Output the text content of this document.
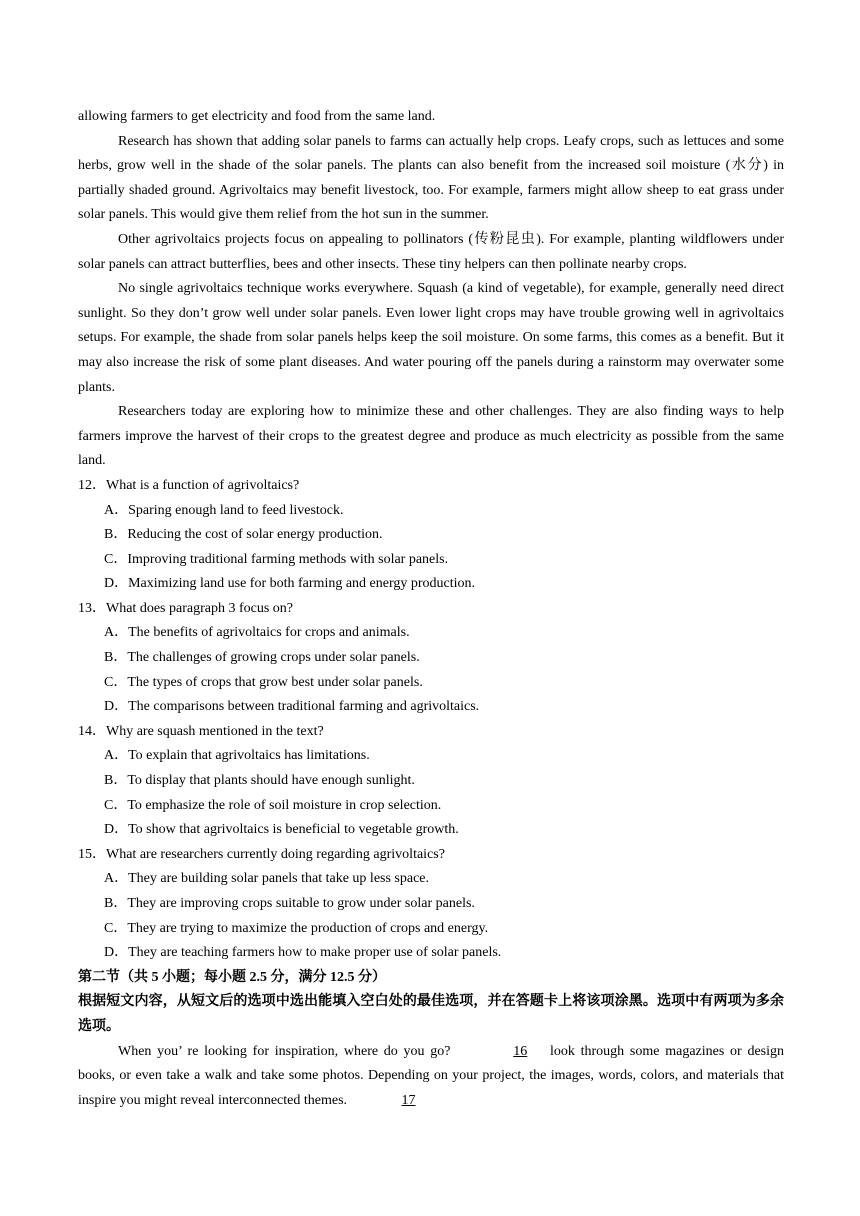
allowing farmers to get electricity and food from the same land.

Research has shown that adding solar panels to farms can actually help crops. Leafy crops, such as lettuces and some herbs, grow well in the shade of the solar panels. The plants can also benefit from the increased soil moisture (水分) in partially shaded ground. Agrivoltaics may benefit livestock, too. For example, farmers might allow sheep to eat grass under solar panels. This would give them relief from the hot sun in the summer.

Other agrivoltaics projects focus on appealing to pollinators (传粉昆虫). For example, planting wildflowers under solar panels can attract butterflies, bees and other insects. These tiny helpers can then pollinate nearby crops.

No single agrivoltaics technique works everywhere. Squash (a kind of vegetable), for example, generally need direct sunlight. So they don’t grow well under solar panels. Even lower light crops may have trouble growing well in agrivoltaics setups. For example, the shade from solar panels helps keep the soil moisture. On some farms, this comes as a benefit. But it may also increase the risk of some plant diseases. And water pouring off the panels during a rainstorm may overwater some plants.

Researchers today are exploring how to minimize these and other challenges. They are also finding ways to help farmers improve the harvest of their crops to the greatest degree and produce as much electricity as possible from the same land.

12．What is a function of agrivoltaics?

A．Sparing enough land to feed livestock.

B．Reducing the cost of solar energy production.

C．Improving traditional farming methods with solar panels.

D．Maximizing land use for both farming and energy production.

13．What does paragraph 3 focus on?

A．The benefits of agrivoltaics for crops and animals.

B．The challenges of growing crops under solar panels.

C．The types of crops that grow best under solar panels.

D．The comparisons between traditional farming and agrivoltaics.

14．Why are squash mentioned in the text?

A．To explain that agrivoltaics has limitations.

B．To display that plants should have enough sunlight.

C．To emphasize the role of soil moisture in crop selection.

D．To show that agrivoltaics is beneficial to vegetable growth.

15．What are researchers currently doing regarding agrivoltaics?

A．They are building solar panels that take up less space.

B．They are improving crops suitable to grow under solar panels.

C．They are trying to maximize the production of crops and energy.

D．They are teaching farmers how to make proper use of solar panels.

第二节（共 5 小题；每小题 2.5 分，满分 12.5 分）

根据短文内容，从短文后的选项中选出能填入空白处的最佳选项，并在答题卡上将该项涂黑。选项中有两项为多余选项。

When you’ re looking for inspiration, where do you go?	16 look through some magazines or design books, or even take a walk and take some photos. Depending on your project, the images, words, colors, and materials that inspire you might reveal interconnected themes.	17
